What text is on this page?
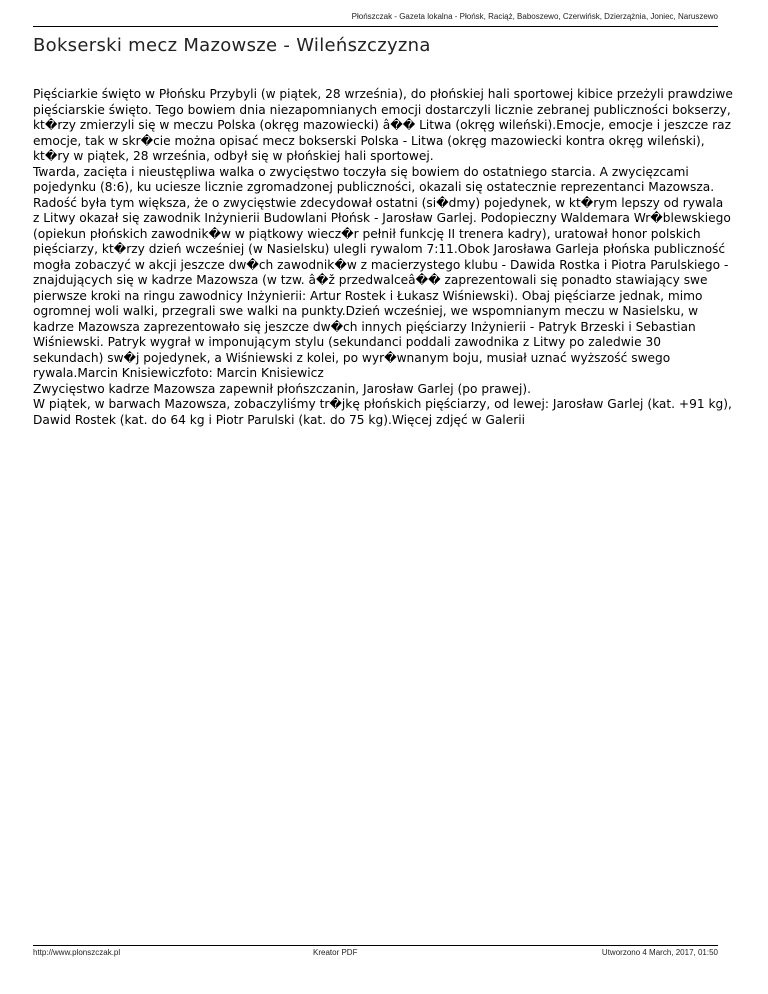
Płońszczak - Gazeta lokalna - Płońsk, Raciąż, Baboszewo, Czerwińsk, Dzierzążnia, Joniec, Naruszewo
Bokserski mecz Mazowsze - Wileńszczyzna

Pięściarkie święto w Płońsku Przybyli (w piątek, 28 września), do płońskiej hali sportowej kibice przeżyli prawdziwe pięściarskie święto. Tego bowiem dnia niezapomnianych emocji dostarczyli licznie zebranej publiczności bokserzy, kt�rzy zmierzyli się w meczu Polska (okręg mazowiecki) â�� Litwa (okręg wileński).Emocje, emocje i jeszcze raz emocje, tak w skr�cie można opisać mecz bokserski Polska - Litwa (okręg mazowiecki kontra okręg wileński), kt�ry w piątek, 28 września, odbył się w płońskiej hali sportowej.

Twarda, zacięta i nieustępliwa walka o zwycięstwo toczyła się bowiem do ostatniego starcia. A zwycięzcami pojedynku (8:6), ku uciesze licznie zgromadzonej publiczności, okazali się ostatecznie reprezentanci Mazowsza. Radość była tym większa, że o zwycięstwie zdecydował ostatni (si�dmy) pojedynek, w kt�rym lepszy od rywala z Litwy okazał się zawodnik Inżynierii Budowlani Płońsk - Jarosław Garlej. Podopieczny Waldemara Wr�blewskiego (opiekun płońskich zawodnik�w w piątkowy wiecz�r pełnił funkcję II trenera kadry), uratował honor polskich pięściarzy, kt�rzy dzień wcześniej (w Nasielsku) ulegli rywalom 7:11.Obok Jarosława Garleja płońska publiczność mogła zobaczyć w akcji jeszcze dw�ch zawodnik�w z macierzystego klubu - Dawida Rostka i Piotra Parulskiego - znajdujących się w kadrze Mazowsza (w tzw. â�ž przedwalceâ�� zaprezentowali się ponadto stawiający swe pierwsze kroki na ringu zawodnicy Inżynierii: Artur Rostek i Łukasz Wiśniewski). Obaj pięściarze jednak, mimo ogromnej woli walki, przegrali swe walki na punkty.Dzień wcześniej, we wspomnianym meczu w Nasielsku, w kadrze Mazowsza zaprezentowało się jeszcze dw�ch innych pięściarzy Inżynierii - Patryk Brzeski i Sebastian Wiśniewski. Patryk wygrał w imponującym stylu (sekundanci poddali zawodnika z Litwy po zaledwie 30 sekundach) sw�j pojedynek, a Wiśniewski z kolei, po wyr�wnanym boju, musiał uznać wyższość swego rywala.Marcin Knisiewiczfoto: Marcin Knisiewicz

Zwycięstwo kadrze Mazowsza zapewnił płońszczanin, Jarosław Garlej (po prawej).

W piątek, w barwach Mazowsza, zobaczyliśmy tr�jkę płońskich pięściarzy, od lewej: Jarosław Garlej (kat. +91 kg), Dawid Rostek (kat. do 64 kg i Piotr Parulski (kat. do 75 kg).Więcej zdjęć w Galerii

http://www.plonszczak.pl	Kreator PDF	Utworzono 4 March, 2017, 01:50
